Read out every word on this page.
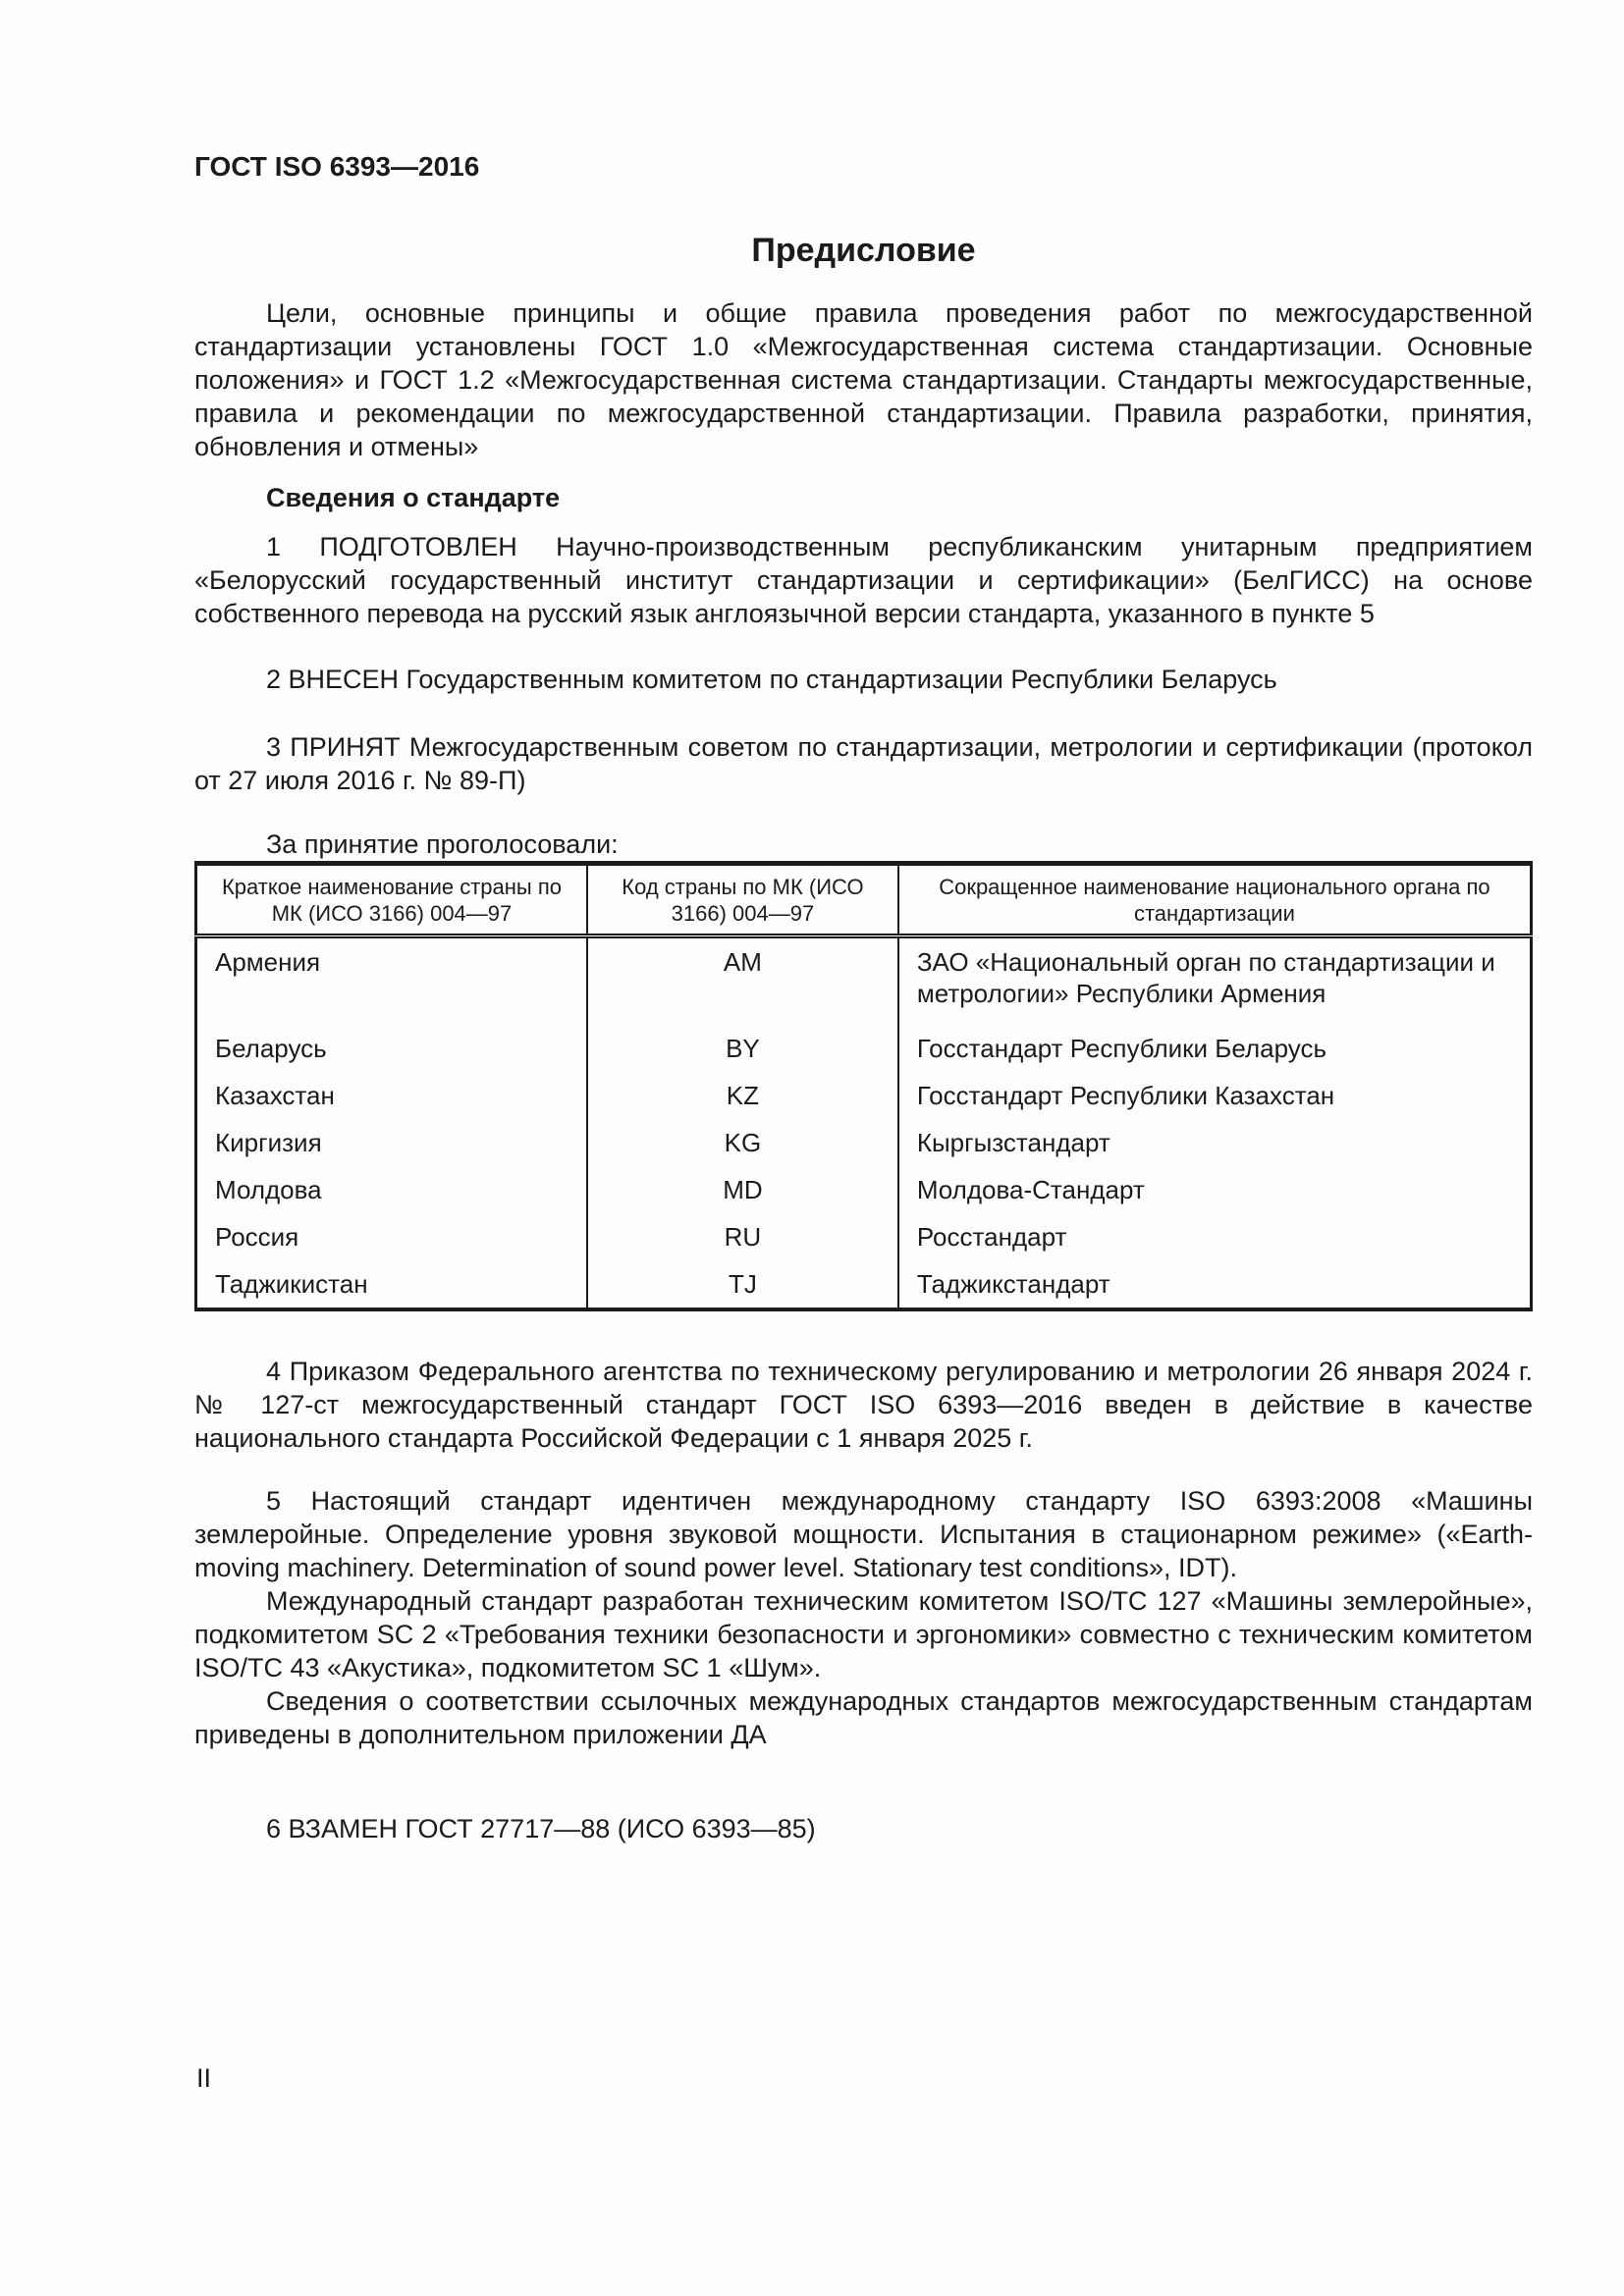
ГОСТ ISO 6393—2016
Предисловие

Цели, основные принципы и общие правила проведения работ по межгосударственной стандартизации установлены ГОСТ 1.0 «Межгосударственная система стандартизации. Основные положения» и ГОСТ 1.2 «Межгосударственная система стандартизации. Стандарты межгосударственные, правила и рекомендации по межгосударственной стандартизации. Правила разработки, принятия, обновления и отмены»

Сведения о стандарте

1 ПОДГОТОВЛЕН Научно-производственным республиканским унитарным предприятием «Белорусский государственный институт стандартизации и сертификации» (БелГИСС) на основе собственного перевода на русский язык англоязычной версии стандарта, указанного в пункте 5

2 ВНЕСЕН Государственным комитетом по стандартизации Республики Беларусь

3 ПРИНЯТ Межгосударственным советом по стандартизации, метрологии и сертификации (протокол от 27 июля 2016 г. № 89-П)

За принятие проголосовали:

Краткое наименование страны по МК (ИСО 3166) 004—97	Код страны по МК (ИСО 3166) 004—97	Сокращенное наименование национального органа по стандартизации
Армения	AM	ЗАО «Национальный орган по стандартизации и метрологии» Республики Армения
Беларусь	BY	Госстандарт Республики Беларусь
Казахстан	KZ	Госстандарт Республики Казахстан
Киргизия	KG	Кыргызстандарт
Молдова	MD	Молдова-Стандарт
Россия	RU	Росстандарт
Таджикистан	TJ	Таджикстандарт

4 Приказом Федерального агентства по техническому регулированию и метрологии 26 января 2024 г. № 127-ст межгосударственный стандарт ГОСТ ISO 6393—2016 введен в действие в качестве национального стандарта Российской Федерации с 1 января 2025 г.

5 Настоящий стандарт идентичен международному стандарту ISO 6393:2008 «Машины землеройные. Определение уровня звуковой мощности. Испытания в стационарном режиме» («Earth-moving machinery. Determination of sound power level. Stationary test conditions», IDT).

Международный стандарт разработан техническим комитетом ISO/TC 127 «Машины землеройные», подкомитетом SC 2 «Требования техники безопасности и эргономики» совместно с техническим комитетом ISO/TC 43 «Акустика», подкомитетом SC 1 «Шум».

Сведения о соответствии ссылочных международных стандартов межгосударственным стандартам приведены в дополнительном приложении ДА

6 ВЗАМЕН ГОСТ 27717—88 (ИСО 6393—85)

II
